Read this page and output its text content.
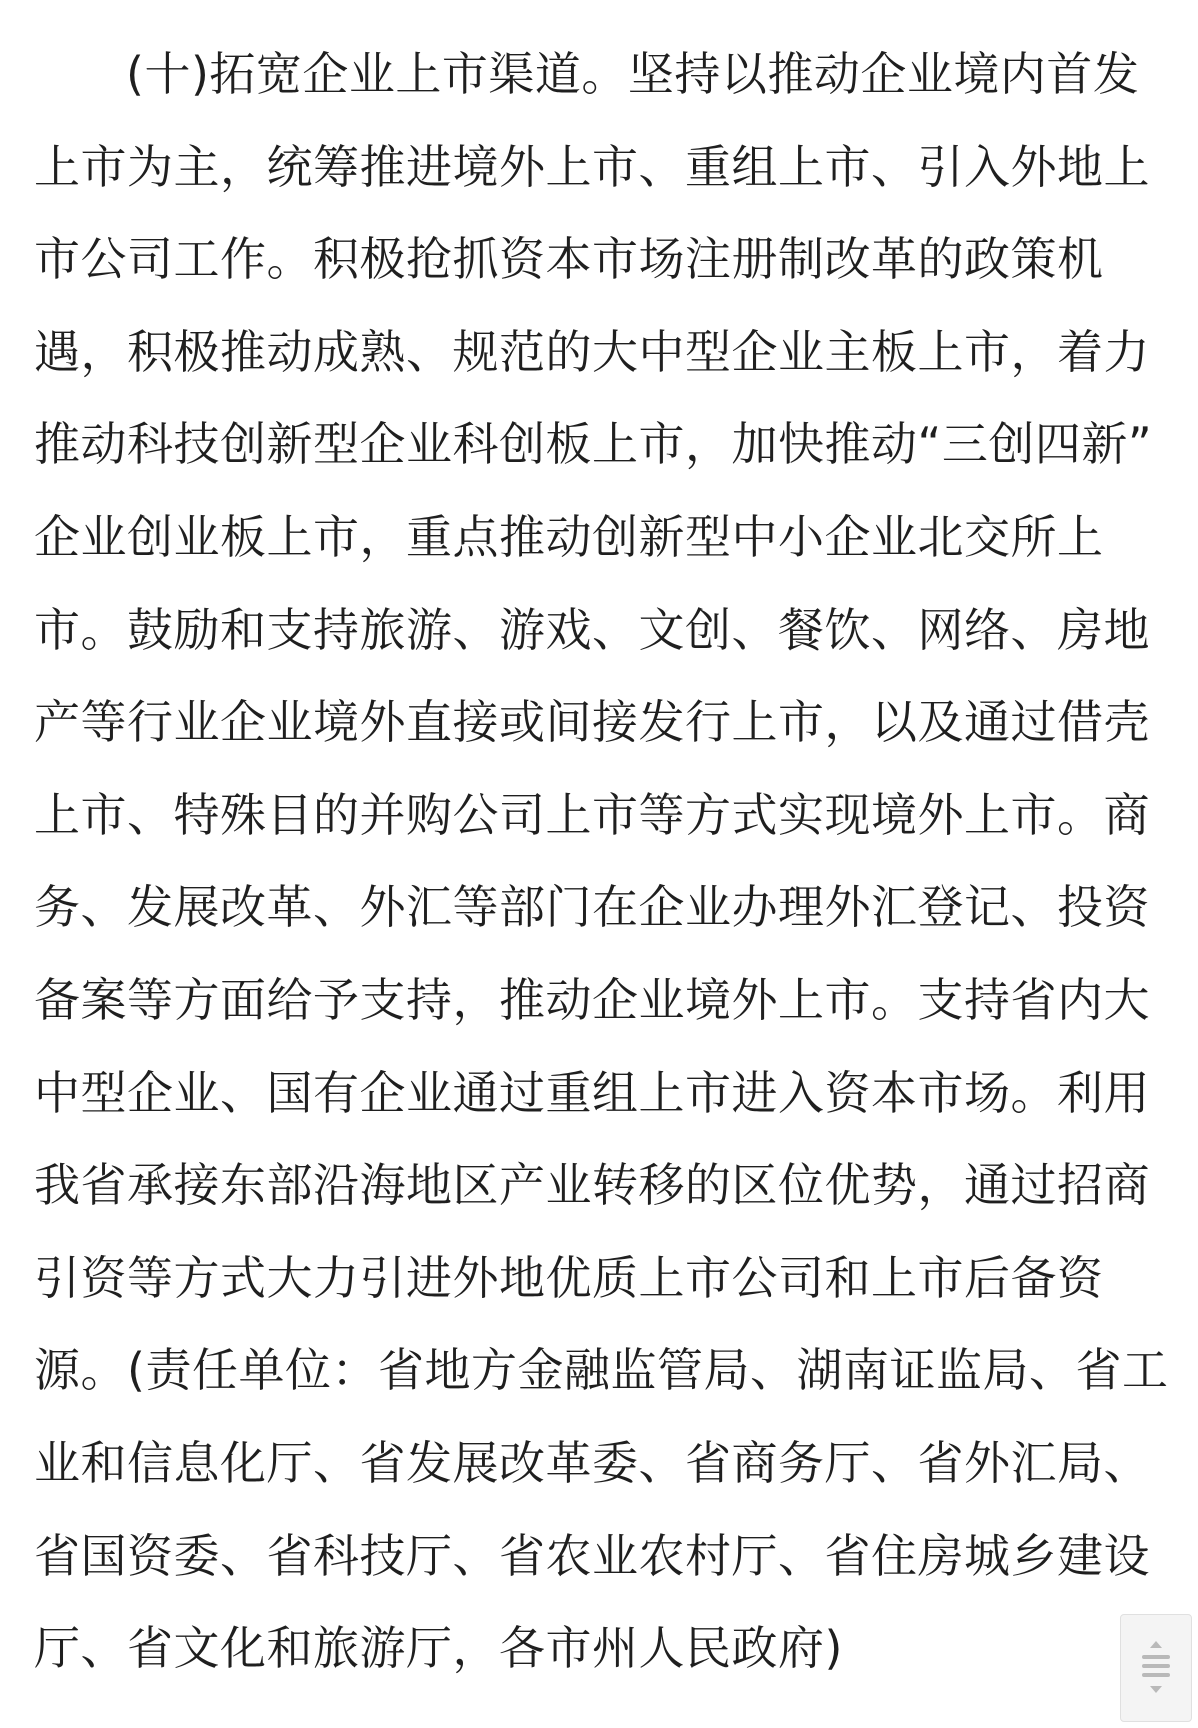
(十)拓宽企业上市渠道。坚持以推动企业境内首发
上市为主，统筹推进境外上市、重组上市、引入外地上
市公司工作。积极抢抓资本市场注册制改革的政策机
遇，积极推动成熟、规范的大中型企业主板上市，着力
推动科技创新型企业科创板上市，加快推动“三创四新”
企业创业板上市，重点推动创新型中小企业北交所上
市。鼓励和支持旅游、游戏、文创、餐饮、网络、房地
产等行业企业境外直接或间接发行上市，以及通过借壳
上市、特殊目的并购公司上市等方式实现境外上市。商
务、发展改革、外汇等部门在企业办理外汇登记、投资
备案等方面给予支持，推动企业境外上市。支持省内大
中型企业、国有企业通过重组上市进入资本市场。利用
我省承接东部沿海地区产业转移的区位优势，通过招商
引资等方式大力引进外地优质上市公司和上市后备资
源。(责任单位：省地方金融监管局、湖南证监局、省工
业和信息化厅、省发展改革委、省商务厅、省外汇局、
省国资委、省科技厅、省农业农村厅、省住房城乡建设
厅、省文化和旅游厅，各市州人民政府)
